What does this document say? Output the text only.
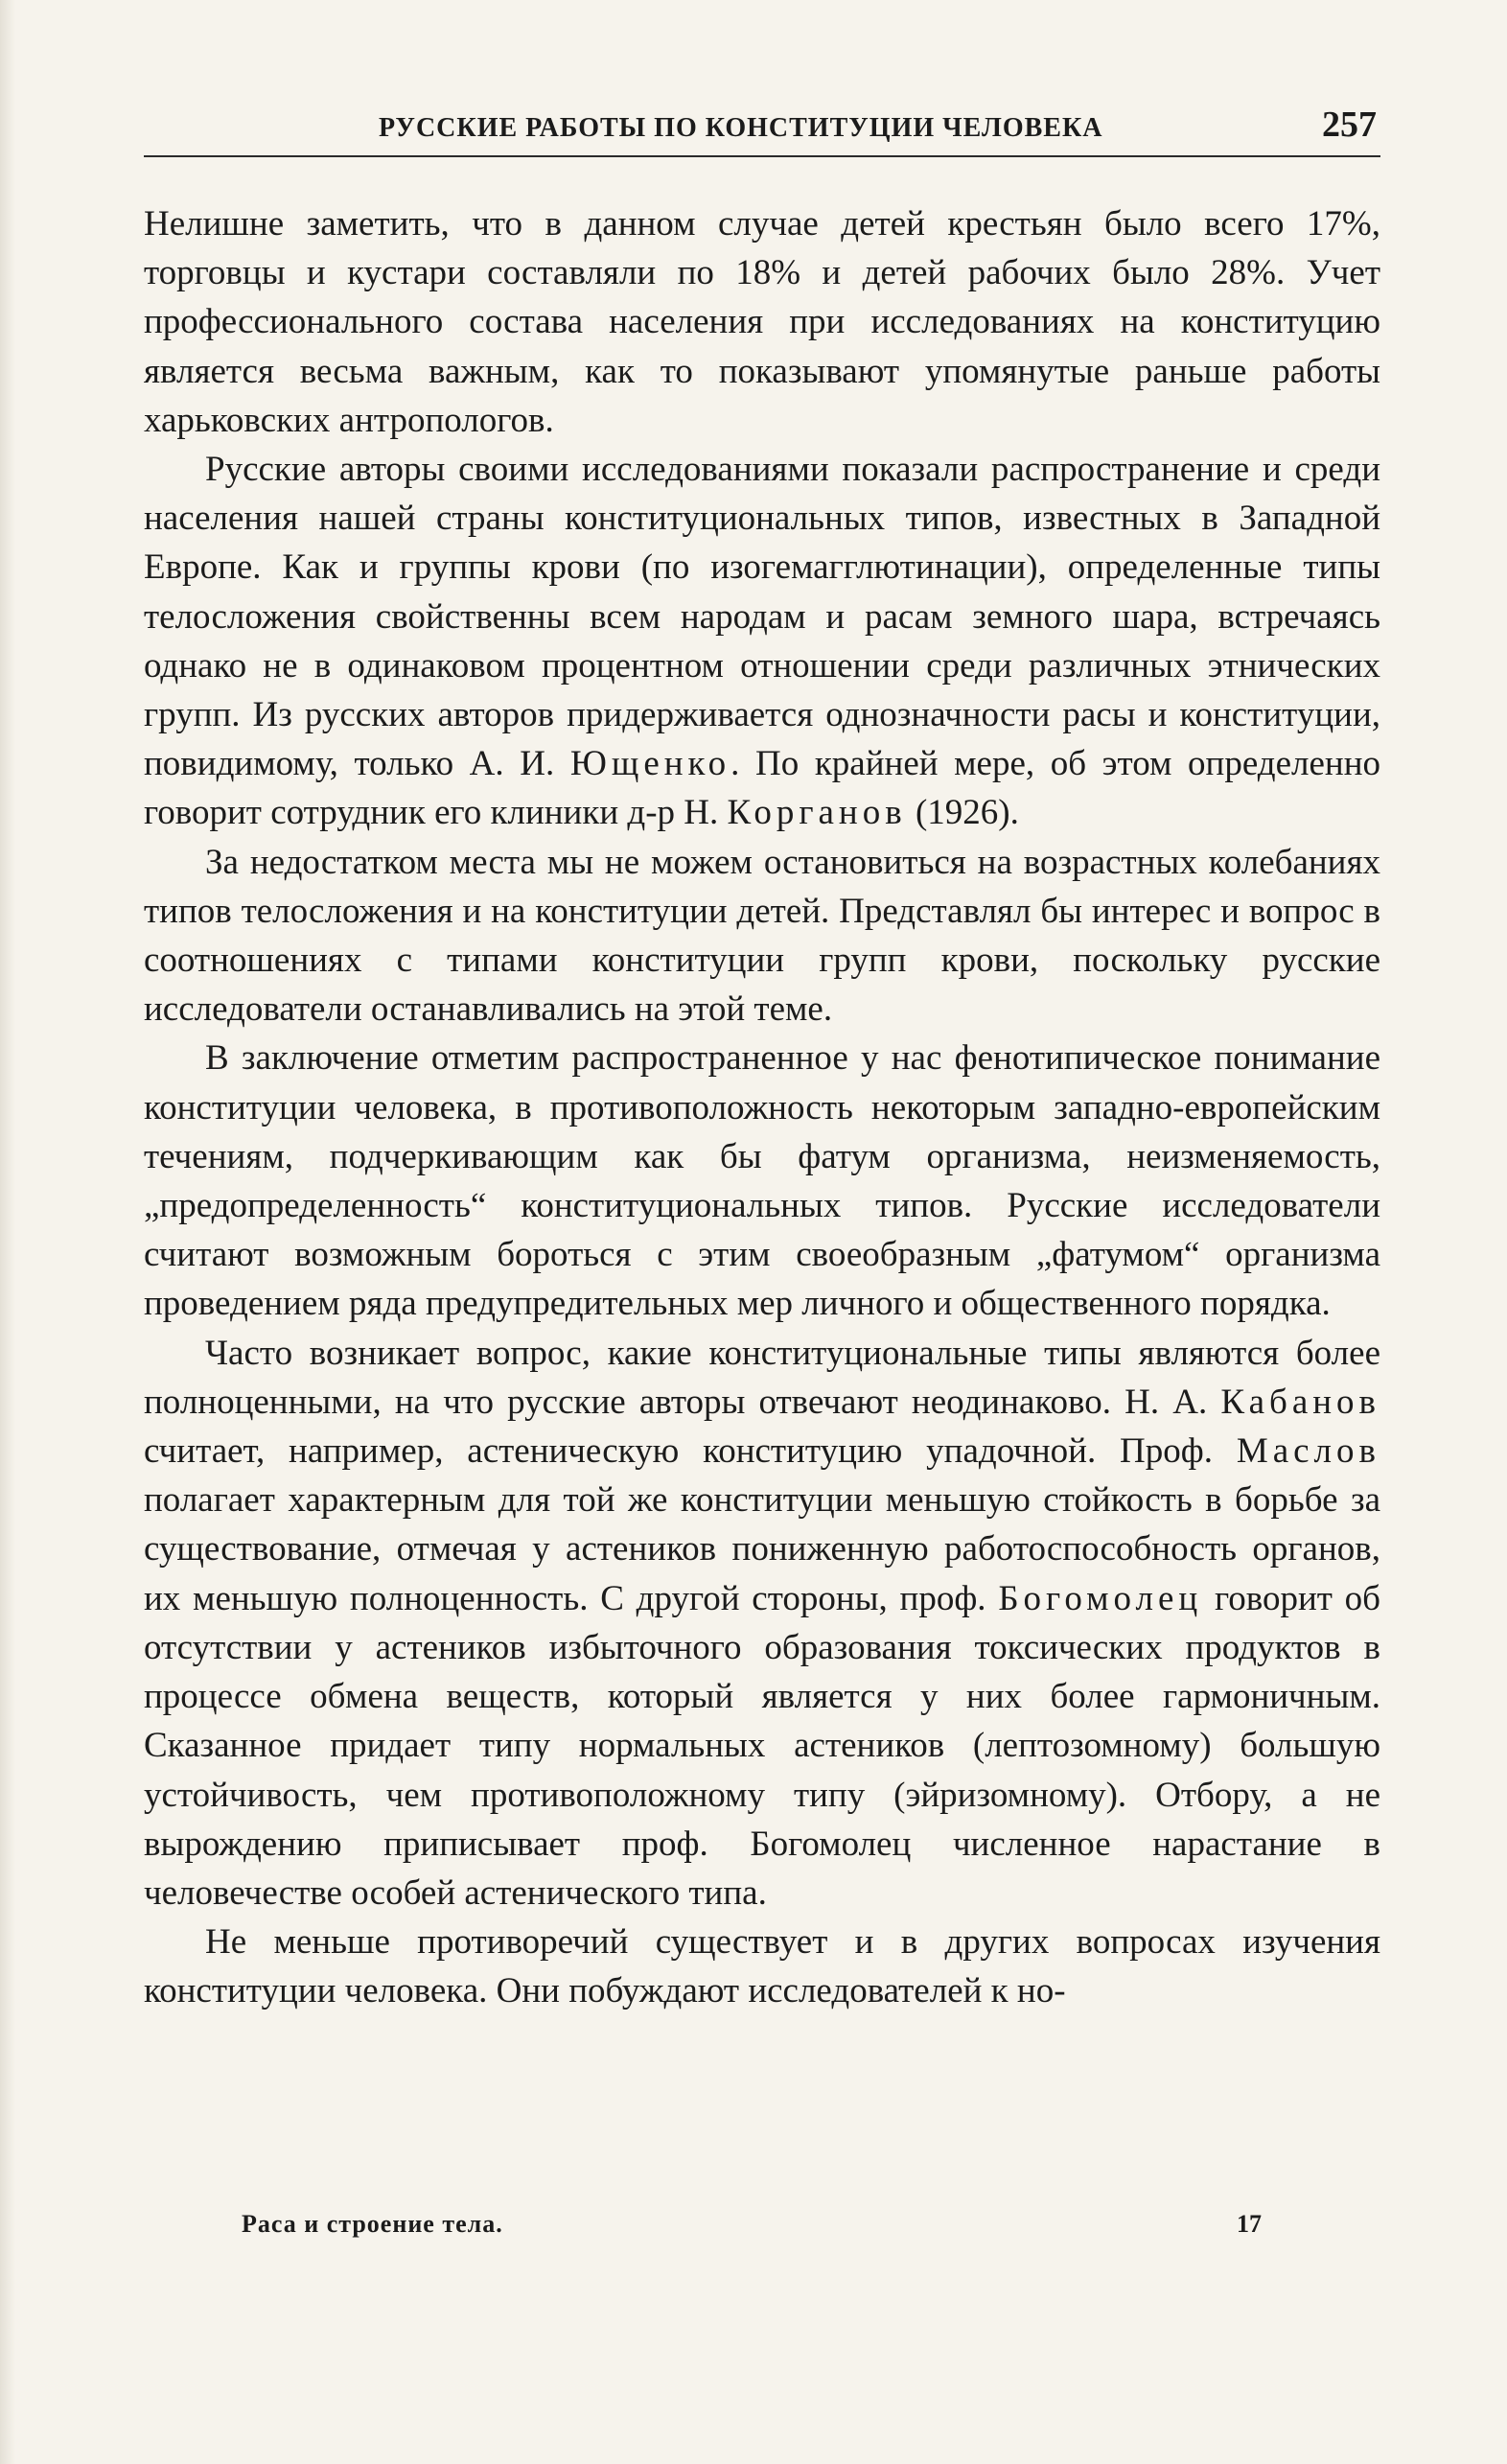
РУССКИЕ РАБОТЫ ПО КОНСТИТУЦИИ ЧЕЛОВЕКА	257

Нелишне заметить, что в данном случае детей крестьян было всего 17%, торговцы и кустари составляли по 18% и детей рабочих было 28%. Учет профессионального состава населения при исследованиях на конституцию является весьма важным, как то показывают упомянутые раньше работы харьковских антропологов.

Русские авторы своими исследованиями показали распространение и среди населения нашей страны конституциональных типов, известных в Западной Европе. Как и группы крови (по изогемагглютинации), определенные типы телосложения свойственны всем народам и расам земного шара, встречаясь однако не в одинаковом процентном отношении среди различных этнических групп. Из русских авторов придерживается однозначности расы и конституции, повидимому, только А. И. Ющенко. По крайней мере, об этом определенно говорит сотрудник его клиники д-р Н. Корганов (1926).

За недостатком места мы не можем остановиться на возрастных колебаниях типов телосложения и на конституции детей. Представлял бы интерес и вопрос в соотношениях с типами конституции групп крови, поскольку русские исследователи останавливались на этой теме.

В заключение отметим распространенное у нас фенотипическое понимание конституции человека, в противоположность некоторым западно-европейским течениям, подчеркивающим как бы фатум организма, неизменяемость, „предопределенность“ конституциональных типов. Русские исследователи считают возможным бороться с этим своеобразным „фатумом“ организма проведением ряда предупредительных мер личного и общественного порядка.

Часто возникает вопрос, какие конституциональные типы являются более полноценными, на что русские авторы отвечают неодинаково. Н. А. Кабанов считает, например, астеническую конституцию упадочной. Проф. Маслов полагает характерным для той же конституции меньшую стойкость в борьбе за существование, отмечая у астеников пониженную работоспособность органов, их меньшую полноценность. С другой стороны, проф. Богомолец говорит об отсутствии у астеников избыточного образования токсических продуктов в процессе обмена веществ, который является у них более гармоничным. Сказанное придает типу нормальных астеников (лептозомному) большую устойчивость, чем противоположному типу (эйризомному). Отбору, а не вырождению приписывает проф. Богомолец численное нарастание в человечестве особей астенического типа.

Не меньше противоречий существует и в других вопросах изучения конституции человека. Они побуждают исследователей к но-

Раса и строение тела.	17
